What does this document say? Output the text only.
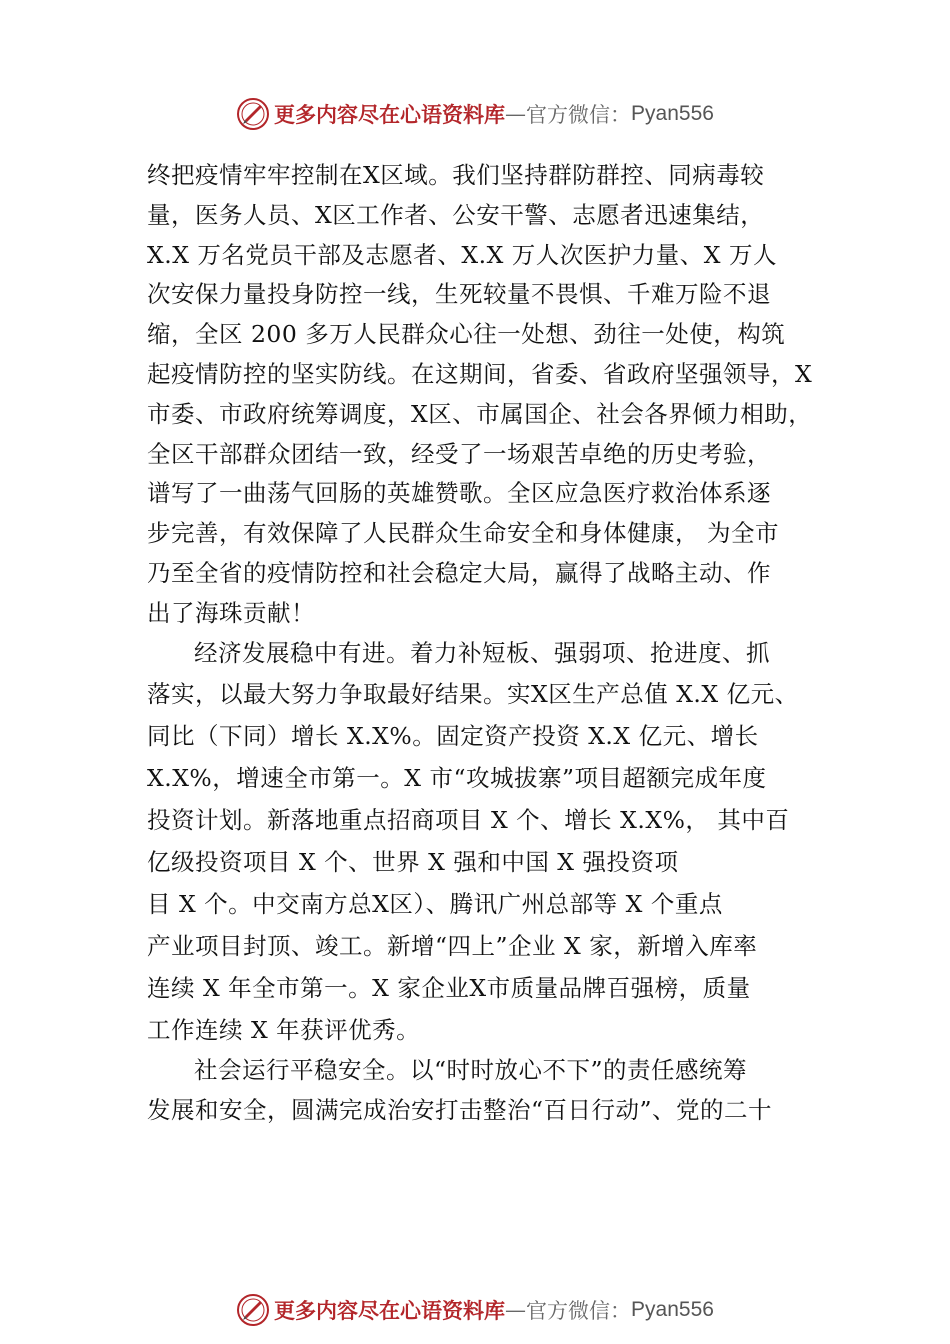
更多内容尽在心语资料库 — 官方微信： Pyan556
终把疫情牢牢控制在X区域。我们坚持群防群控、同病毒较
量，医务人员、X区工作者、公安干警、志愿者迅速集结，
X.X 万名党员干部及志愿者、X.X 万人次医护力量、X 万人
次安保力量投身防控一线，生死较量不畏惧、千难万险不退
缩，全区 200 多万人民群众心往一处想、劲往一处使，构筑
起疫情防控的坚实防线。在这期间，省委、省政府坚强领导，X
市委、市政府统筹调度，X区、市属国企、社会各界倾力相助，
全区干部群众团结一致，经受了一场艰苦卓绝的历史考验，
谱写了一曲荡气回肠的英雄赞歌。全区应急医疗救治体系逐
步完善，有效保障了人民群众生命安全和身体健康， 为全市
乃至全省的疫情防控和社会稳定大局，赢得了战略主动、作
出了海珠贡献！
经济发展稳中有进。着力补短板、强弱项、抢进度、抓
落实，以最大努力争取最好结果。实X区生产总值 X.X 亿元、
同比（下同）增长 X.X%。固定资产投资 X.X 亿元、增长
X.X%，增速全市第一。X 市“攻城拔寨”项目超额完成年度
投资计划。新落地重点招商项目 X 个、增长 X.X%， 其中百
亿级投资项目 X 个、世界 X 强和中国 X 强投资项
目 X 个。中交南方总X区）、腾讯广州总部等 X 个重点
产业项目封顶、竣工。新增“四上”企业 X 家，新增入库率
连续 X 年全市第一。X 家企业X市质量品牌百强榜，质量
工作连续 X 年获评优秀。
社会运行平稳安全。以“时时放心不下”的责任感统筹
发展和安全，圆满完成治安打击整治“百日行动”、党的二十
更多内容尽在心语资料库 — 官方微信： Pyan556
